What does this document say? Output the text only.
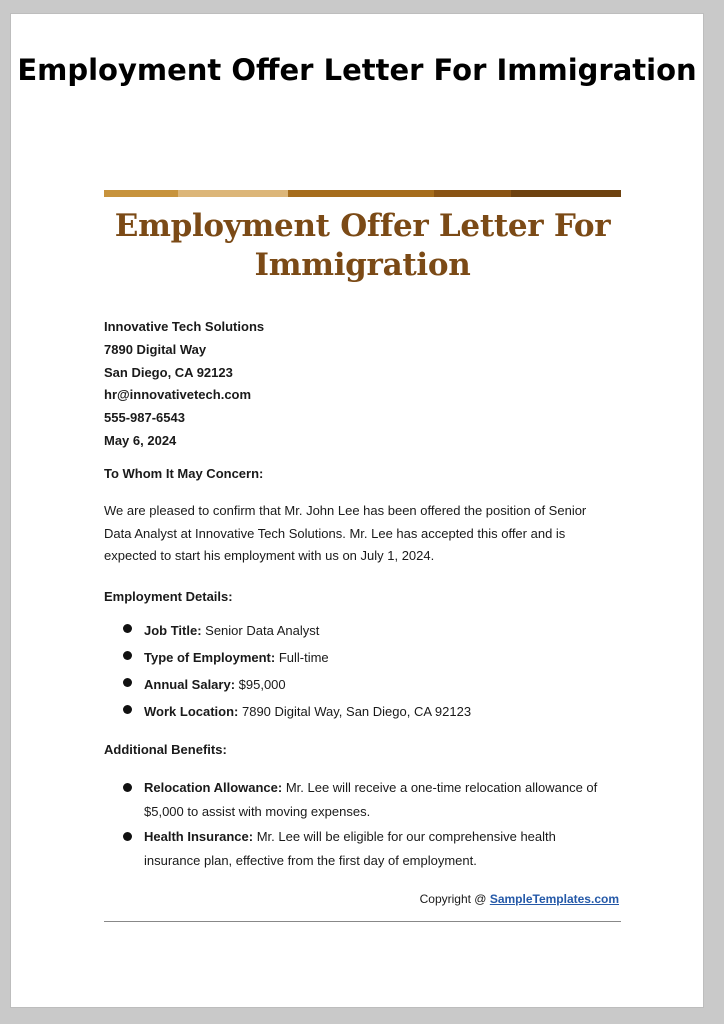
Employment Offer Letter For Immigration
Employment Offer Letter For Immigration
Innovative Tech Solutions
7890 Digital Way
San Diego, CA 92123
hr@innovativetech.com
555-987-6543
May 6, 2024
To Whom It May Concern:
We are pleased to confirm that Mr. John Lee has been offered the position of Senior Data Analyst at Innovative Tech Solutions. Mr. Lee has accepted this offer and is expected to start his employment with us on July 1, 2024.
Employment Details:
Job Title: Senior Data Analyst
Type of Employment: Full-time
Annual Salary: $95,000
Work Location: 7890 Digital Way, San Diego, CA 92123
Additional Benefits:
Relocation Allowance: Mr. Lee will receive a one-time relocation allowance of $5,000 to assist with moving expenses.
Health Insurance: Mr. Lee will be eligible for our comprehensive health insurance plan, effective from the first day of employment.
Copyright @ SampleTemplates.com
